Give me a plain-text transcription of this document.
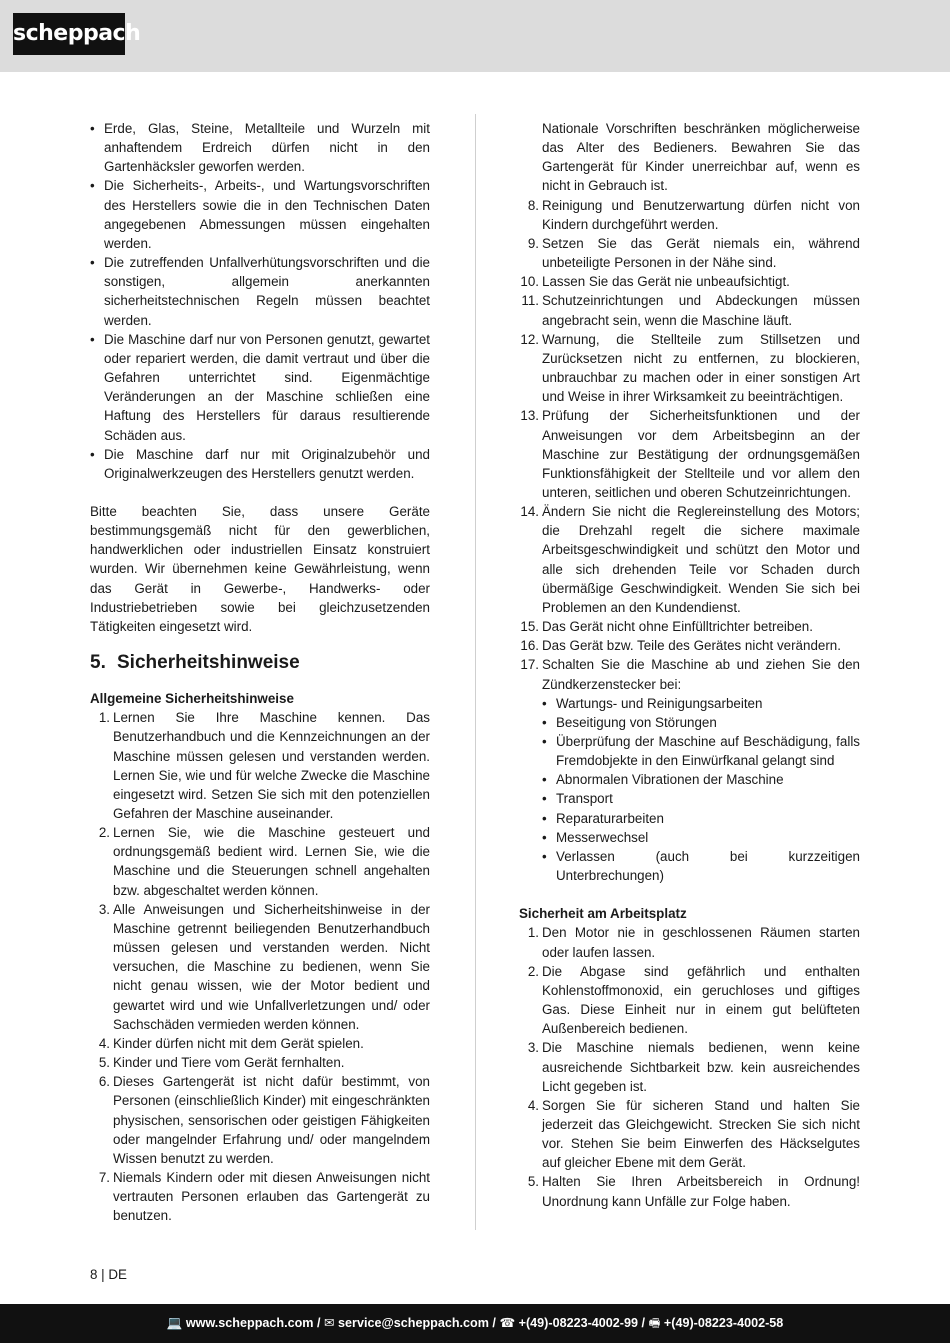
scheppach
• Erde, Glas, Steine, Metallteile und Wurzeln mit anhaftendem Erdreich dürfen nicht in den Gartenhäcksler geworfen werden.
• Die Sicherheits-, Arbeits-, und Wartungsvorschriften des Herstellers sowie die in den Technischen Daten angegebenen Abmessungen müssen eingehalten werden.
• Die zutreffenden Unfallverhütungsvorschriften und die sonstigen, allgemein anerkannten sicherheitstechnischen Regeln müssen beachtet werden.
• Die Maschine darf nur von Personen genutzt, gewartet oder repariert werden, die damit vertraut und über die Gefahren unterrichtet sind. Eigenmächtige Veränderungen an der Maschine schließen eine Haftung des Herstellers für daraus resultierende Schäden aus.
• Die Maschine darf nur mit Originalzubehör und Originalwerkzeugen des Herstellers genutzt werden.

Bitte beachten Sie, dass unsere Geräte bestimmungsgemäß nicht für den gewerblichen, handwerklichen oder industriellen Einsatz konstruiert wurden. Wir übernehmen keine Gewährleistung, wenn das Gerät in Gewerbe-, Handwerks- oder Industriebetrieben sowie bei gleichzusetzenden Tätigkeiten eingesetzt wird.

5. Sicherheitshinweise
Allgemeine Sicherheitshinweise
1. Lernen Sie Ihre Maschine kennen. Das Benutzerhandbuch und die Kennzeichnungen an der Maschine müssen gelesen und verstanden werden. Lernen Sie, wie und für welche Zwecke die Maschine eingesetzt wird. Setzen Sie sich mit den potenziellen Gefahren der Maschine auseinander.
2. Lernen Sie, wie die Maschine gesteuert und ordnungsgemäß bedient wird. Lernen Sie, wie die Maschine und die Steuerungen schnell angehalten bzw. abgeschaltet werden können.
3. Alle Anweisungen und Sicherheitshinweise in der Maschine getrennt beiliegenden Benutzerhandbuch müssen gelesen und verstanden werden. Nicht versuchen, die Maschine zu bedienen, wenn Sie nicht genau wissen, wie der Motor bedient und gewartet wird und wie Unfallverletzungen und/ oder Sachschäden vermieden werden können.
4. Kinder dürfen nicht mit dem Gerät spielen.
5. Kinder und Tiere vom Gerät fernhalten.
6. Dieses Gartengerät ist nicht dafür bestimmt, von Personen (einschließlich Kinder) mit eingeschränkten physischen, sensorischen oder geistigen Fähigkeiten oder mangelnder Erfahrung und/ oder mangelndem Wissen benutzt zu werden.
7. Niemals Kindern oder mit diesen Anweisungen nicht vertrauten Personen erlauben das Gartengerät zu benutzen.

Nationale Vorschriften beschränken möglicherweise das Alter des Bedieners. Bewahren Sie das Gartengerät für Kinder unerreichbar auf, wenn es nicht in Gebrauch ist.

8. Reinigung und Benutzerwartung dürfen nicht von Kindern durchgeführt werden.
9. Setzen Sie das Gerät niemals ein, während unbeteiligte Personen in der Nähe sind.
10. Lassen Sie das Gerät nie unbeaufsichtigt.
11. Schutzeinrichtungen und Abdeckungen müssen angebracht sein, wenn die Maschine läuft.
12. Warnung, die Stellteile zum Stillsetzen und Zurücksetzen nicht zu entfernen, zu blockieren, unbrauchbar zu machen oder in einer sonstigen Art und Weise in ihrer Wirksamkeit zu beeinträchtigen.
13. Prüfung der Sicherheitsfunktionen und der Anweisungen vor dem Arbeitsbeginn an der Maschine zur Bestätigung der ordnungsgemäßen Funktionsfähigkeit der Stellteile und vor allem den unteren, seitlichen und oberen Schutzeinrichtungen.
14. Ändern Sie nicht die Reglereinstellung des Motors; die Drehzahl regelt die sichere maximale Arbeitsgeschwindigkeit und schützt den Motor und alle sich drehenden Teile vor Schaden durch übermäßige Geschwindigkeit. Wenden Sie sich bei Problemen an den Kundendienst.
15. Das Gerät nicht ohne Einfülltrichter betreiben.
16. Das Gerät bzw. Teile des Gerätes nicht verändern.
17. Schalten Sie die Maschine ab und ziehen Sie den Zündkerzenstecker bei:
• Wartungs- und Reinigungsarbeiten
• Beseitigung von Störungen
• Überprüfung der Maschine auf Beschädigung, falls Fremdobjekte in den Einwürfkanal gelangt sind
• Abnormalen Vibrationen der Maschine
• Transport
• Reparaturarbeiten
• Messerwechsel
• Verlassen (auch bei kurzzeitigen Unterbrechungen)
Sicherheit am Arbeitsplatz
1. Den Motor nie in geschlossenen Räumen starten oder laufen lassen.
2. Die Abgase sind gefährlich und enthalten Kohlenstoffmonoxid, ein geruchloses und giftiges Gas. Diese Einheit nur in einem gut belüfteten Außenbereich bedienen.
3. Die Maschine niemals bedienen, wenn keine ausreichende Sichtbarkeit bzw. kein ausreichendes Licht gegeben ist.
4. Sorgen Sie für sicheren Stand und halten Sie jederzeit das Gleichgewicht. Strecken Sie sich nicht vor. Stehen Sie beim Einwerfen des Häckselgutes auf gleicher Ebene mit dem Gerät.
5. Halten Sie Ihren Arbeitsbereich in Ordnung! Unordnung kann Unfälle zur Folge haben.
8 | DE
💻 www.scheppach.com / ✉ service@scheppach.com / ☎ +(49)-08223-4002-99 / 🖷 +(49)-08223-4002-58
